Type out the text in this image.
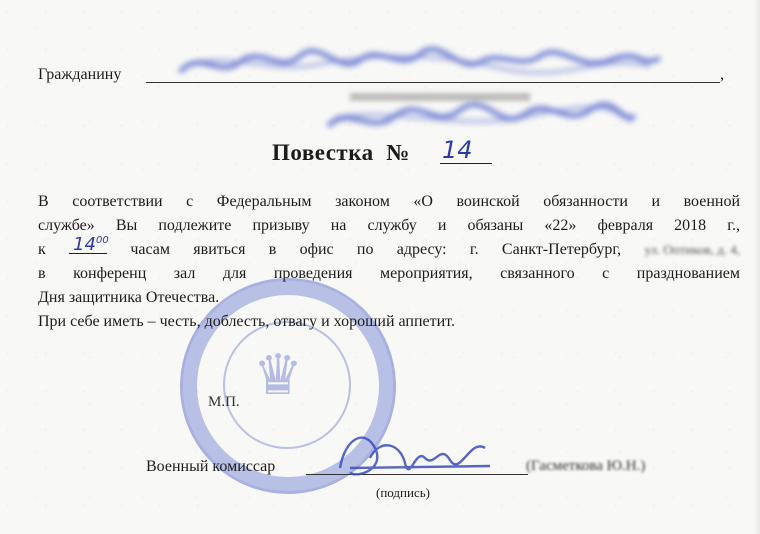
Гражданину	,
Повестка № 14
♛
В соответствии с Федеральным законом «О воинской обязанности и военной
службе» Вы подлежите призыву на службу и обязаны «22» февраля 2018 г.,
к $14^{00}$
часам явиться в офис по адресу: г. Санкт-Петербург, ул. Оптиков, д. 4,
в конференц зал для проведения мероприятия, связанного с празднованием
Дня защитника Отечества.
При себе иметь – честь, доблесть, отвагу и хороший аппетит.
М.П.
Военный комиссар	(Гасметкова Ю.Н.)
(подпись)
